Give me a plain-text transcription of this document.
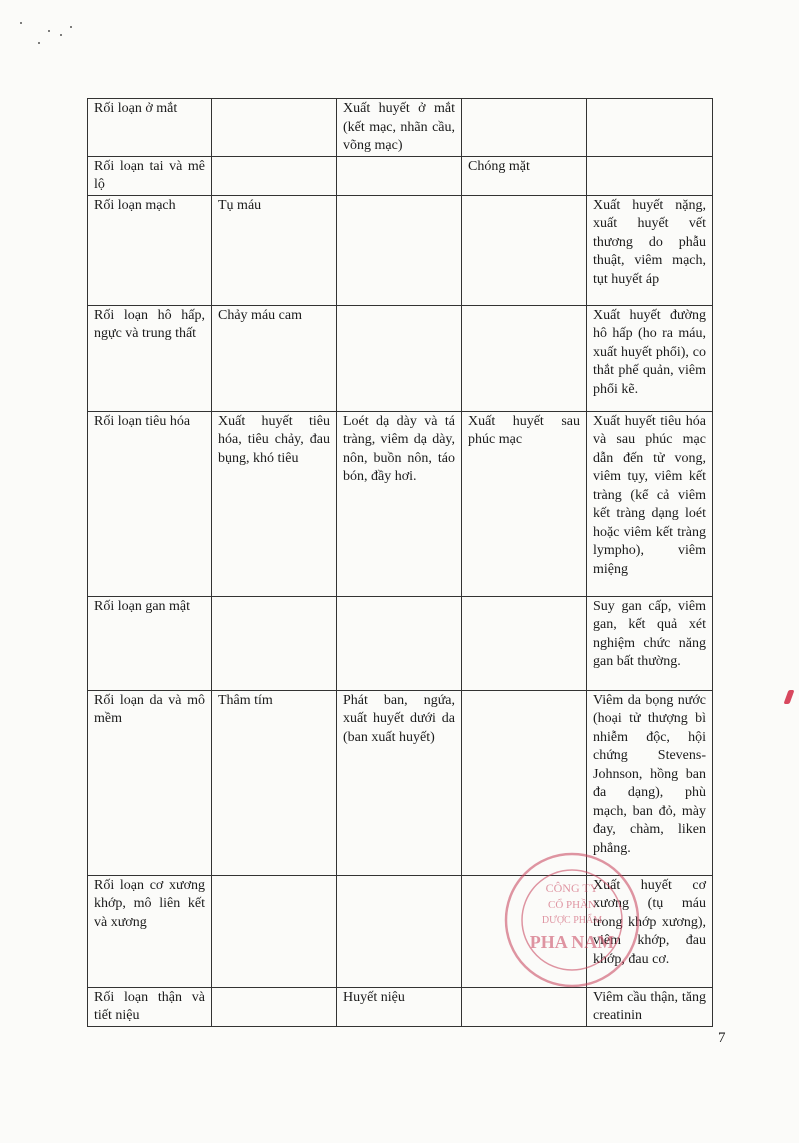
Rối loạn ở mắt		Xuất huyết ở mắt (kết mạc, nhãn cầu, võng mạc)		
Rối loạn tai và mê lộ			Chóng mặt	
Rối loạn mạch	Tụ máu			Xuất huyết nặng, xuất huyết vết thương do phẫu thuật, viêm mạch, tụt huyết áp
Rối loạn hô hấp, ngực và trung thất	Chảy máu cam			Xuất huyết đường hô hấp (ho ra máu, xuất huyết phổi), co thắt phế quản, viêm phổi kẽ.
Rối loạn tiêu hóa	Xuất huyết tiêu hóa, tiêu chảy, đau bụng, khó tiêu	Loét dạ dày và tá tràng, viêm dạ dày, nôn, buồn nôn, táo bón, đầy hơi.	Xuất huyết sau phúc mạc	Xuất huyết tiêu hóa và sau phúc mạc dẫn đến tử vong, viêm tụy, viêm kết tràng (kể cả viêm kết tràng dạng loét hoặc viêm kết tràng lympho), viêm miệng
Rối loạn gan mật				Suy gan cấp, viêm gan, kết quả xét nghiệm chức năng gan bất thường.
Rối loạn da và mô mềm	Thâm tím	Phát ban, ngứa, xuất huyết dưới da (ban xuất huyết)		Viêm da bọng nước (hoại tử thượng bì nhiễm độc, hội chứng Stevens-Johnson, hồng ban đa dạng), phù mạch, ban đỏ, mày đay, chàm, liken phẳng.
Rối loạn cơ xương khớp, mô liên kết và xương				Xuất huyết cơ xương (tụ máu trong khớp xương), viêm khớp, đau khớp, đau cơ.
Rối loạn thận và tiết niệu		Huyết niệu		Viêm cầu thận, tăng creatinin
CÔNG TY
CỔ PHẦN
DƯỢC PHẨM
PHA NAM
7
